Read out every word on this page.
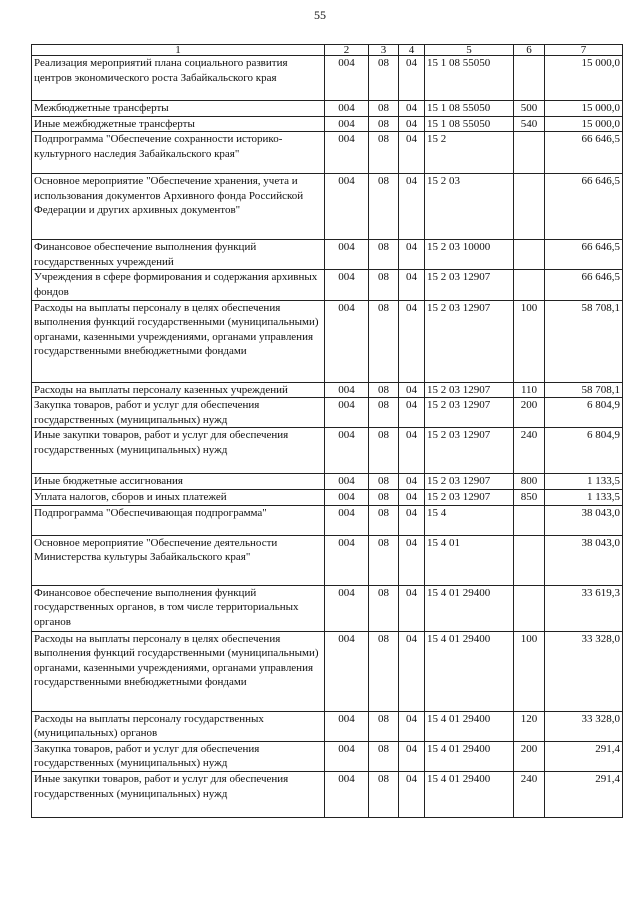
55
1	2	3	4	5	6	7
Реализация мероприятий плана социального развития центров экономического роста Забайкальского края	004	08	04	15 1 08 55050		15 000,0
Межбюджетные трансферты	004	08	04	15 1 08 55050	500	15 000,0
Иные межбюджетные трансферты	004	08	04	15 1 08 55050	540	15 000,0
Подпрограмма "Обеспечение сохранности историко-культурного наследия Забайкальского края"	004	08	04	15 2		66 646,5
Основное мероприятие "Обеспечение хранения, учета и использования документов Архивного фонда Российской Федерации и других архивных документов"	004	08	04	15 2 03		66 646,5
Финансовое обеспечение выполнения функций государственных учреждений	004	08	04	15 2 03 10000		66 646,5
Учреждения в сфере формирования и содержания архивных фондов	004	08	04	15 2 03 12907		66 646,5
Расходы на выплаты персоналу в целях обеспечения выполнения функций государственными (муниципальными) органами, казенными учреждениями, органами управления государственными внебюджетными фондами	004	08	04	15 2 03 12907	100	58 708,1
Расходы на выплаты персоналу казенных учреждений	004	08	04	15 2 03 12907	110	58 708,1
Закупка товаров, работ и услуг для обеспечения государственных (муниципальных) нужд	004	08	04	15 2 03 12907	200	6 804,9
Иные закупки товаров, работ и услуг для обеспечения государственных (муниципальных) нужд	004	08	04	15 2 03 12907	240	6 804,9
Иные бюджетные ассигнования	004	08	04	15 2 03 12907	800	1 133,5
Уплата налогов, сборов и иных платежей	004	08	04	15 2 03 12907	850	1 133,5
Подпрограмма "Обеспечивающая подпрограмма"	004	08	04	15 4		38 043,0
Основное мероприятие "Обеспечение деятельности Министерства культуры Забайкальского края"	004	08	04	15 4 01		38 043,0
Финансовое обеспечение выполнения функций государственных органов, в том числе территориальных органов	004	08	04	15 4 01 29400		33 619,3
Расходы на выплаты персоналу в целях обеспечения выполнения функций государственными (муниципальными) органами, казенными учреждениями, органами управления государственными внебюджетными фондами	004	08	04	15 4 01 29400	100	33 328,0
Расходы на выплаты персоналу государственных (муниципальных) органов	004	08	04	15 4 01 29400	120	33 328,0
Закупка товаров, работ и услуг для обеспечения государственных (муниципальных) нужд	004	08	04	15 4 01 29400	200	291,4
Иные закупки товаров, работ и услуг для обеспечения государственных (муниципальных) нужд	004	08	04	15 4 01 29400	240	291,4
